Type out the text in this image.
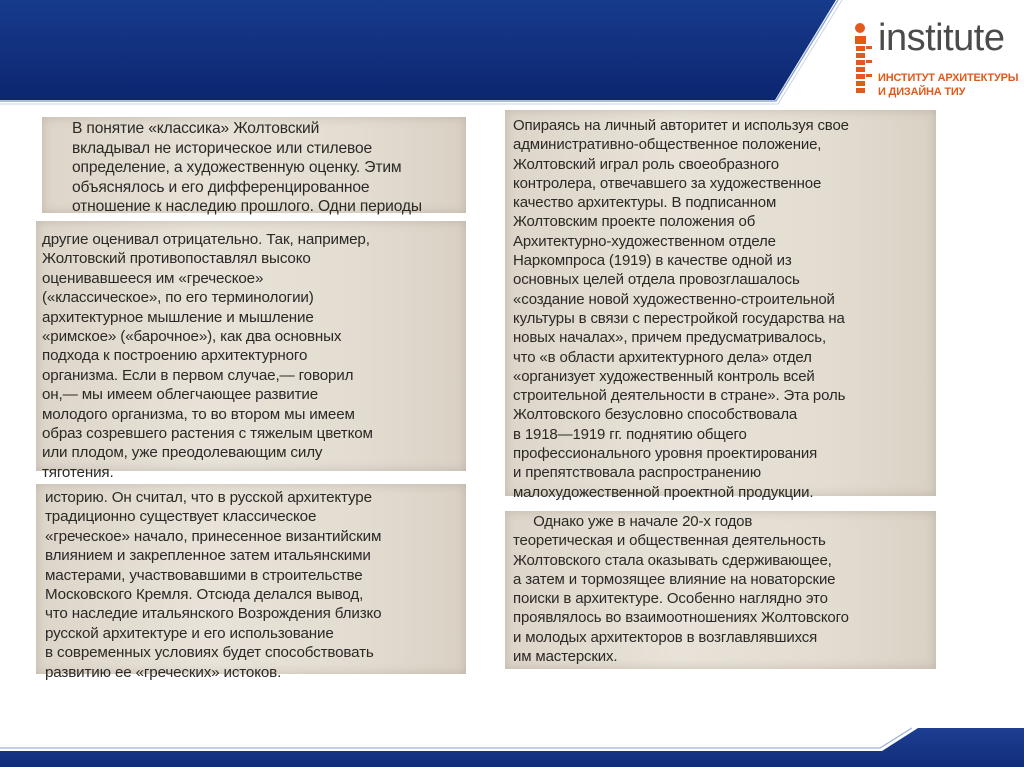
institute
ИНСТИТУТ АРХИТЕКТУРЫ
И ДИЗАЙНА ТИУ
В понятие «классика» Жолтовский
вкладывал не историческое или стилевое
определение, а художественную оценку. Этим
объяснялось и его дифференцированное
отношение к наследию прошлого. Одни периоды
другие оценивал отрицательно. Так, например,
Жолтовский противопоставлял высоко
оценивавшееся им «греческое»
(«классическое», по его терминологии)
архитектурное мышление и мышление
«римское» («барочное»), как два основных
подхода к построению архитектурного
организма. Если в первом случае,— говорил
он,— мы имеем облегчающее развитие
молодого организма, то во втором мы имеем
образ созревшего растения с тяжелым цветком
или плодом, уже преодолевающим силу
тяготения.
историю. Он считал, что в русской архитектуре
традиционно существует классическое
«греческое» начало, принесенное византийским
влиянием и закрепленное затем итальянскими
мастерами, участвовавшими в строительстве
Московского Кремля. Отсюда делался вывод,
что наследие итальянского Возрождения близко
русской архитектуре и его использование
в современных условиях будет способствовать
развитию ее «греческих» истоков.
Опираясь на личный авторитет и используя свое
административно-общественное положение,
Жолтовский играл роль своеобразного
контролера, отвечавшего за художественное
качество архитектуры. В подписанном
Жолтовским проекте положения об
Архитектурно-художественном отделе
Наркомпроса (1919) в качестве одной из
основных целей отдела провозглашалось
«создание новой художественно-строительной
культуры в связи с перестройкой государства на
новых началах», причем предусматривалось,
что «в области архитектурного дела» отдел
«организует художественный контроль всей
строительной деятельности в стране». Эта роль
Жолтовского безусловно способствовала
в 1918—1919 гг. поднятию общего
профессионального уровня проектирования
и препятствовала распространению
малохудожественной проектной продукции.
Однако уже в начале 20-х годов
теоретическая и общественная деятельность
Жолтовского стала оказывать сдерживающее,
а затем и тормозящее влияние на новаторские
поиски в архитектуре. Особенно наглядно это
проявлялось во взаимоотношениях Жолтовского
и молодых архитекторов в возглавлявшихся
им мастерских.
